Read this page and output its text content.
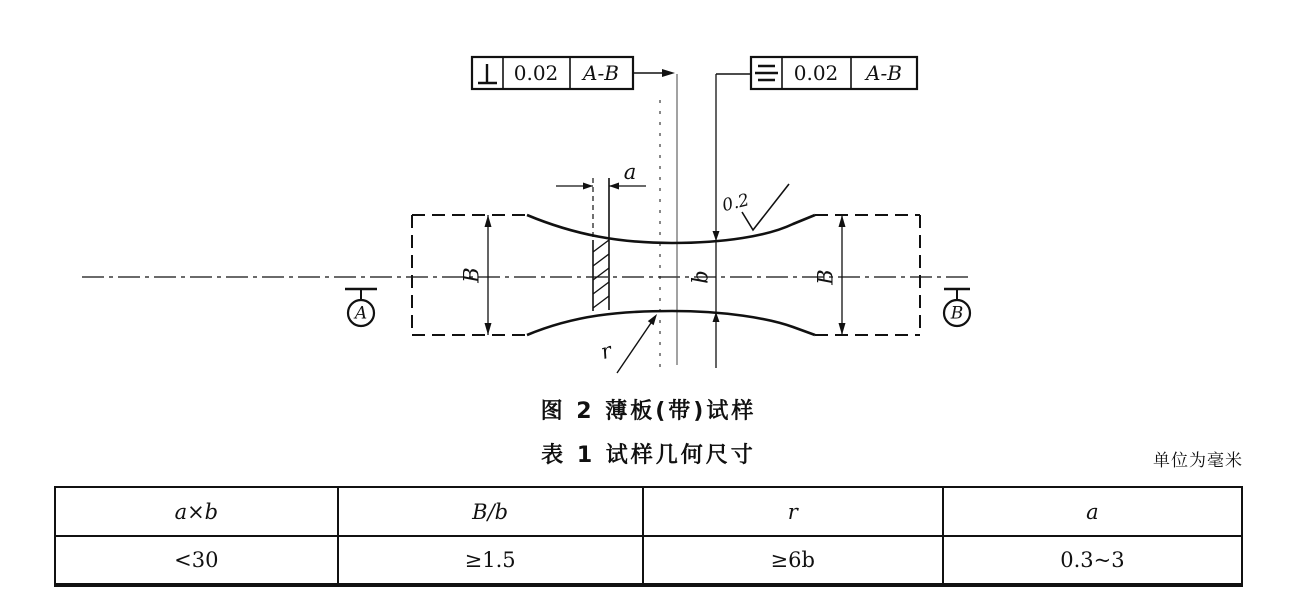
a
b
B	B
r
0.2
A	B
0.02 A-B	0.02 A-B
图 2 薄板(带)试样
表 1 试样几何尺寸	单位为毫米
a×b	B/b	r	a
<30	≥1.5	≥6b	0.3~3
